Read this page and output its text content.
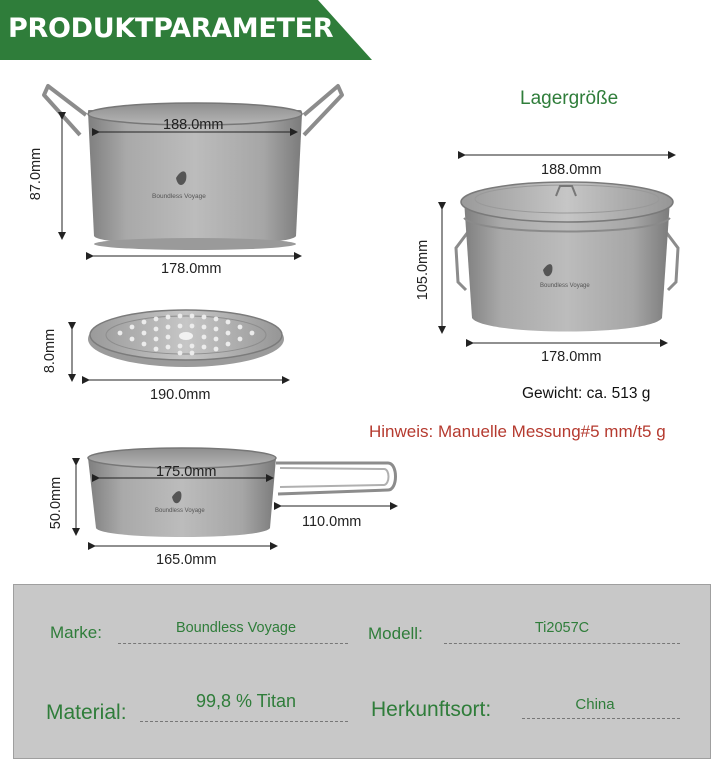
PRODUKTPARAMETER
Boundless Voyage
Boundless Voyage
Boundless Voyage
188.0mm
178.0mm
87.0mm
8.0mm
190.0mm
175.0mm
110.0mm
165.0mm
50.0mm
Lagergröße
188.0mm
105.0mm
178.0mm
Gewicht: ca. 513 g
Hinweis: Manuelle Messung#5 mm/t5 g
Marke:	Boundless Voyage	Modell:	Ti2057C
Material:	99,8 % Titan	Herkunftsort:	China
